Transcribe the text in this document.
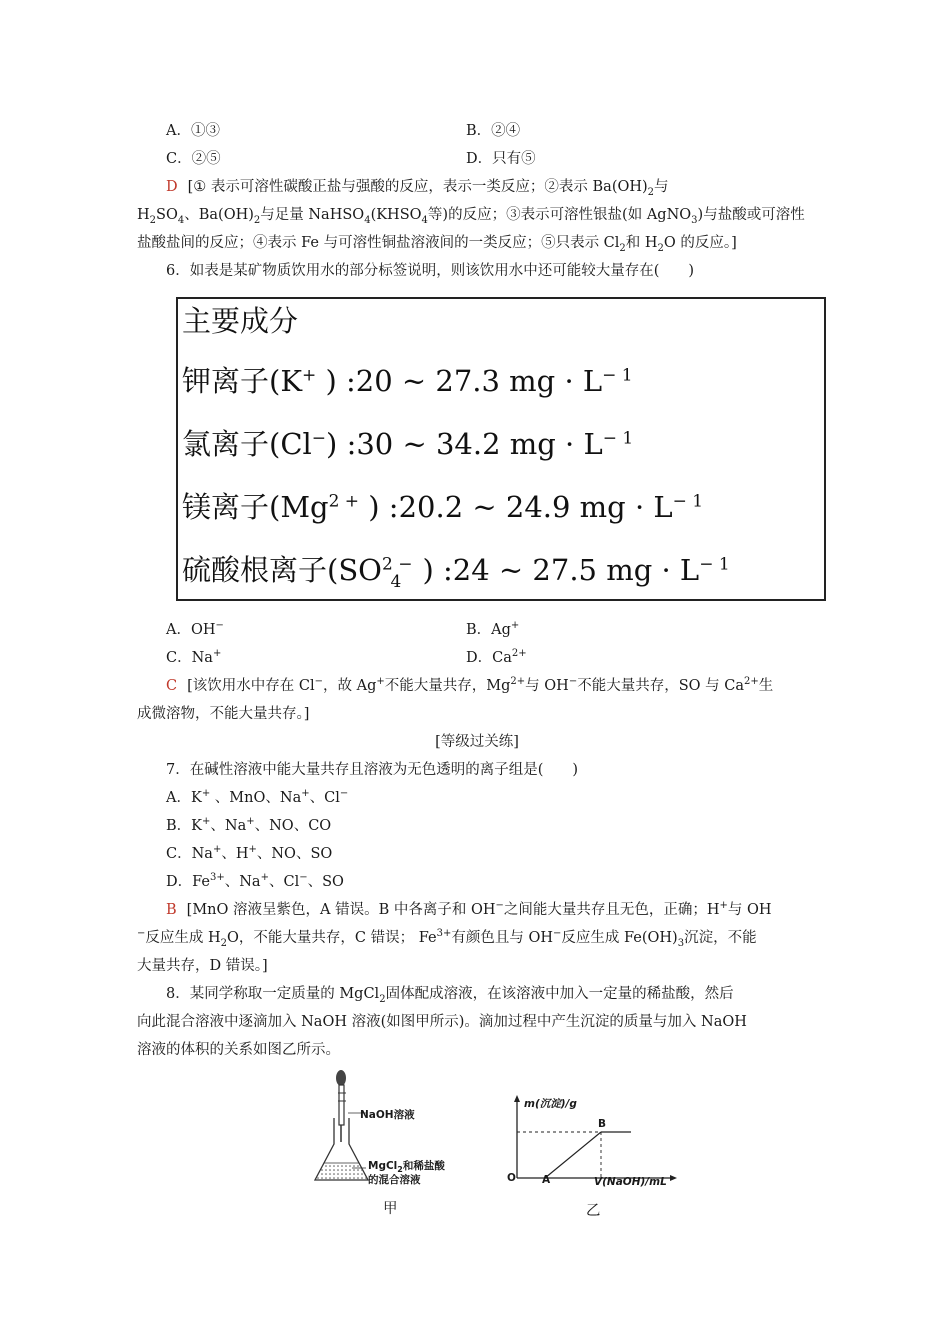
A．①③	B．②④
C．②⑤	D．只有⑤
D [① 表示可溶性碳酸正盐与强酸的反应，表示一类反应；②表示 $Ba(OH)_2$与
$H_2SO_4$、$Ba(OH)_2$与足量 $NaHSO_4(KHSO_4$等)的反应；③表示可溶性银盐(如 AgNO$_3$)与盐酸或可溶性
盐酸盐间的反应；④表示 Fe 与可溶性铜盐溶液间的一类反应；⑤只表示 $Cl_2$和 $H_2O$ 的反应。]
6．如表是某矿物质饮用水的部分标签说明，则该饮用水中还可能较大量存在(　　)
主要成分
钾离子(K+ ) :20 ~ 27.3 mg · $L^{- 1}$
氯离子(Cl−) :30 ~ 34.2 mg · $L^{- 1}$
镁离子($Mg^{2 +}$ ) :20.2 ~ 24.9 mg · $L^{- 1}$
硫酸根离子($SO^{2 -}_4$ ) :24 ~ 27.5 mg · $L^{- 1}$
A．OH−	B．Ag+
C．Na+	D．$Ca^{2+}$
C [该饮用水中存在 Cl−，故 Ag+不能大量共存，$Mg^{2+}$与 OH−不能大量共存，SO 与 $Ca^{2+}$生
成微溶物，不能大量共存。]
[等级过关练]
7．在碱性溶液中能大量共存且溶液为无色透明的离子组是(　　)
A．K+ 、MnO、Na+、Cl−
B．K+、Na+、NO、CO
C．Na+、H+、NO、SO
D．$Fe^{3+}$、Na+、Cl−、SO
B [MnO 溶液呈紫色，A 错误。B 中各离子和 OH−之间能大量共存且无色，正确；H+与 OH
−反应生成 $H_2O$，不能大量共存，C 错误； $Fe^{3+}$有颜色且与 OH−反应生成 $Fe(OH)_3$沉淀，不能
大量共存，D 错误。]
8．某同学称取一定质量的 MgCl$_2$固体配成溶液，在该溶液中加入一定量的稀盐酸，然后
向此混合溶液中逐滴加入 NaOH 溶液(如图甲所示)。滴加过程中产生沉淀的质量与加入 NaOH
溶液的体积的关系如图乙所示。
NaOH溶液
MgCl$_2$和稀盐酸
的混合溶液
甲
m(沉淀)/g
V(NaOH)/mL
O A
B
乙
